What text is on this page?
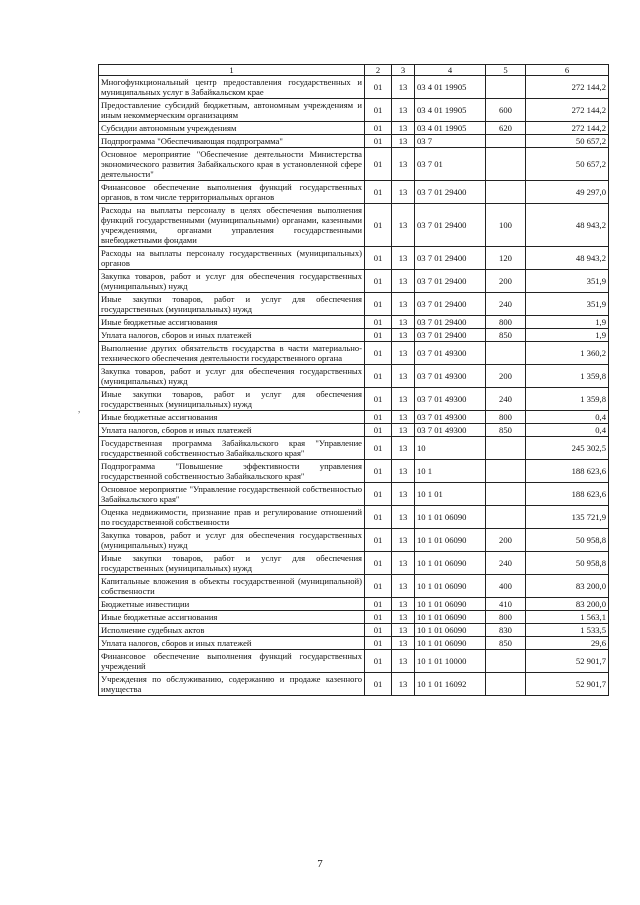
1	2	3	4	5	6
Многофункциональный центр предоставления государственных и муниципальных услуг в Забайкальском крае	01	13	03 4 01 19905		272 144,2
Предоставление субсидий бюджетным, автономным учреждениям и иным некоммерческим организациям	01	13	03 4 01 19905	600	272 144,2
Субсидии автономным учреждениям	01	13	03 4 01 19905	620	272 144,2
Подпрограмма "Обеспечивающая подпрограмма"	01	13	03 7		50 657,2
Основное мероприятие "Обеспечение деятельности Министерства экономического развития Забайкальского края в установленной сфере деятельности"	01	13	03 7 01		50 657,2
Финансовое обеспечение выполнения функций государственных органов, в том числе территориальных органов	01	13	03 7 01 29400		49 297,0
Расходы на выплаты персоналу в целях обеспечения выполнения функций государственными (муниципальными) органами, казенными учреждениями, органами управления государственными внебюджетными фондами	01	13	03 7 01 29400	100	48 943,2
Расходы на выплаты персоналу государственных (муниципальных) органов	01	13	03 7 01 29400	120	48 943,2
Закупка товаров, работ и услуг для обеспечения государственных (муниципальных) нужд	01	13	03 7 01 29400	200	351,9
Иные закупки товаров, работ и услуг для обеспечения государственных (муниципальных) нужд	01	13	03 7 01 29400	240	351,9
Иные бюджетные ассигнования	01	13	03 7 01 29400	800	1,9
Уплата налогов, сборов и иных платежей	01	13	03 7 01 29400	850	1,9
Выполнение других обязательств государства в части материально-технического обеспечения деятельности государственного органа	01	13	03 7 01 49300		1 360,2
Закупка товаров, работ и услуг для обеспечения государственных (муниципальных) нужд	01	13	03 7 01 49300	200	1 359,8
Иные закупки товаров, работ и услуг для обеспечения государственных (муниципальных) нужд	01	13	03 7 01 49300	240	1 359,8
Иные бюджетные ассигнования	01	13	03 7 01 49300	800	0,4
Уплата налогов, сборов и иных платежей	01	13	03 7 01 49300	850	0,4
Государственная программа Забайкальского края "Управление государственной собственностью Забайкальского края"	01	13	10		245 302,5
Подпрограмма "Повышение эффективности управления государственной собственностью Забайкальского края"	01	13	10 1		188 623,6
Основное мероприятие "Управление государственной собственностью Забайкальского края"	01	13	10 1 01		188 623,6
Оценка недвижимости, признание прав и регулирование отношений по государственной собственности	01	13	10 1 01 06090		135 721,9
Закупка товаров, работ и услуг для обеспечения государственных (муниципальных) нужд	01	13	10 1 01 06090	200	50 958,8
Иные закупки товаров, работ и услуг для обеспечения государственных (муниципальных) нужд	01	13	10 1 01 06090	240	50 958,8
Капитальные вложения в объекты государственной (муниципальной) собственности	01	13	10 1 01 06090	400	83 200,0
Бюджетные инвестиции	01	13	10 1 01 06090	410	83 200,0
Иные бюджетные ассигнования	01	13	10 1 01 06090	800	1 563,1
Исполнение судебных актов	01	13	10 1 01 06090	830	1 533,5
Уплата налогов, сборов и иных платежей	01	13	10 1 01 06090	850	29,6
Финансовое обеспечение выполнения функций государственных учреждений	01	13	10 1 01 10000		52 901,7
Учреждения по обслуживанию, содержанию и продаже казенного имущества	01	13	10 1 01 16092		52 901,7
,
7
